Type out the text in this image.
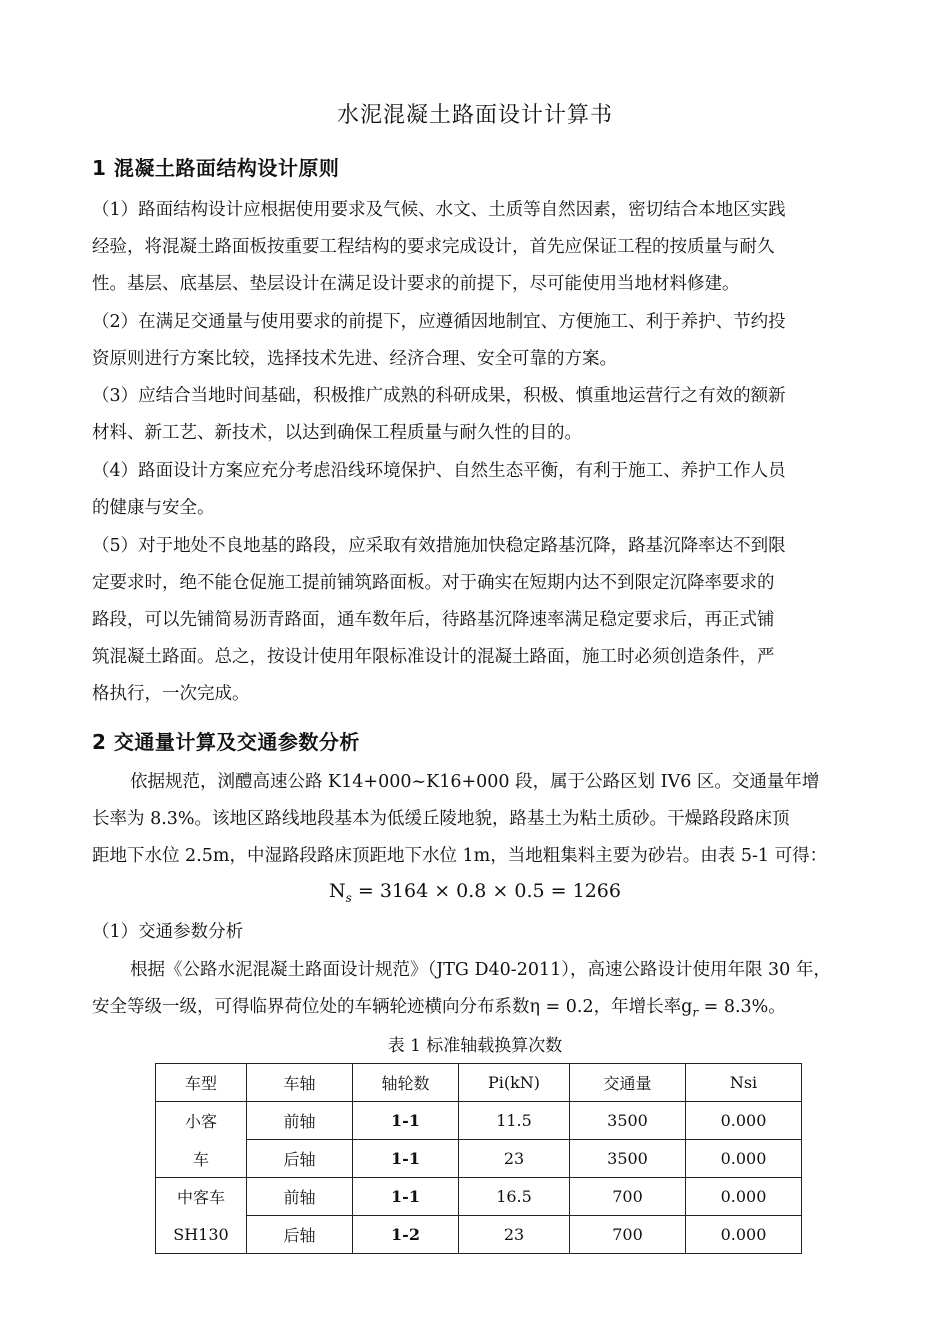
水泥混凝土路面设计计算书
1 混凝土路面结构设计原则
（1）路面结构设计应根据使用要求及气候、水文、土质等自然因素，密切结合本地区实践
经验，将混凝土路面板按重要工程结构的要求完成设计，首先应保证工程的按质量与耐久
性。基层、底基层、垫层设计在满足设计要求的前提下，尽可能使用当地材料修建。
（2）在满足交通量与使用要求的前提下，应遵循因地制宜、方便施工、利于养护、节约投
资原则进行方案比较，选择技术先进、经济合理、安全可靠的方案。
（3）应结合当地时间基础，积极推广成熟的科研成果，积极、慎重地运营行之有效的额新
材料、新工艺、新技术，以达到确保工程质量与耐久性的目的。
（4）路面设计方案应充分考虑沿线环境保护、自然生态平衡，有利于施工、养护工作人员
的健康与安全。
（5）对于地处不良地基的路段，应采取有效措施加快稳定路基沉降，路基沉降率达不到限
定要求时，绝不能仓促施工提前铺筑路面板。对于确实在短期内达不到限定沉降率要求的
路段，可以先铺简易沥青路面，通车数年后，待路基沉降速率满足稳定要求后，再正式铺
筑混凝土路面。总之，按设计使用年限标准设计的混凝土路面，施工时必须创造条件，严
格执行，一次完成。
2 交通量计算及交通参数分析
依据规范，浏醴高速公路 K14+000~K16+000 段，属于公路区划 IV6 区。交通量年增
长率为 8.3%。该地区路线地段基本为低缓丘陵地貌，路基土为粘土质砂。干燥路段路床顶
距地下水位 2.5m，中湿路段路床顶距地下水位 1m，当地粗集料主要为砂岩。由表 5-1 可得：
$N_s = 3164 \times 0.8 \times 0.5 = 1266$
（1）交通参数分析
根据《公路水泥混凝土路面设计规范》（JTG D40-2011），高速公路设计使用年限 30 年，
安全等级一级，可得临界荷位处的车辆轮迹横向分布系数η = 0.2，年增长率$g_r = 8.3\%$。
表 1 标准轴载换算次数
车型	车轴	轴轮数	Pi(kN)	交通量	Nsi
小客	前轴	1-1	11.5	3500	0.000
车	后轴	1-1	23	3500	0.000
中客车	前轴	1-1	16.5	700	0.000
SH130	后轴	1-2	23	700	0.000
